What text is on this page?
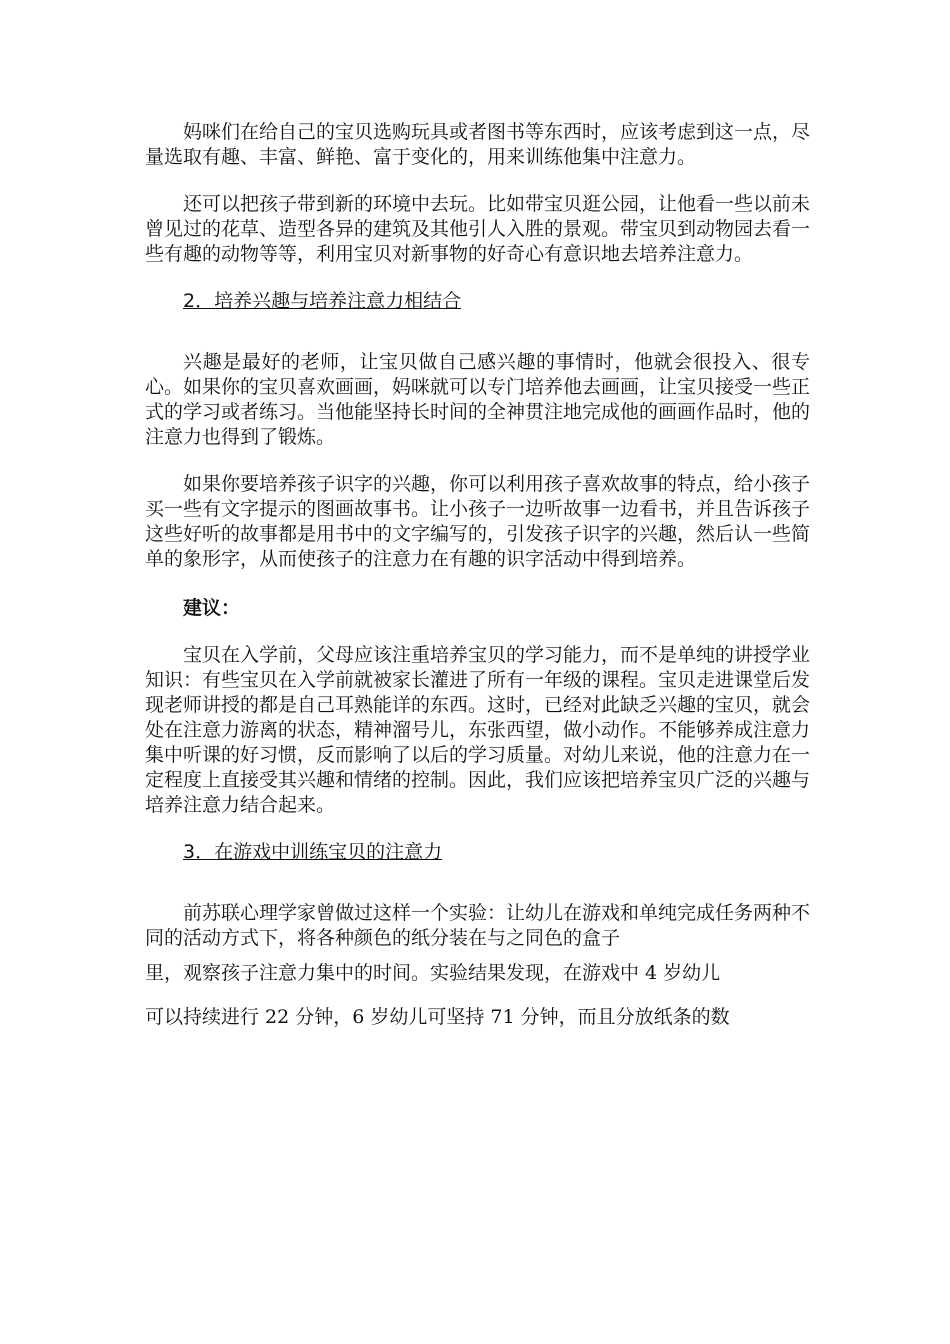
妈咪们在给自己的宝贝选购玩具或者图书等东西时，应该考虑到这一点，尽量选取有趣、丰富、鲜艳、富于变化的，用来训练他集中注意力。

还可以把孩子带到新的环境中去玩。比如带宝贝逛公园，让他看一些以前未曾见过的花草、造型各异的建筑及其他引人入胜的景观。带宝贝到动物园去看一些有趣的动物等等，利用宝贝对新事物的好奇心有意识地去培养注意力。

2．培养兴趣与培养注意力相结合

兴趣是最好的老师，让宝贝做自己感兴趣的事情时，他就会很投入、很专心。如果你的宝贝喜欢画画，妈咪就可以专门培养他去画画，让宝贝接受一些正式的学习或者练习。当他能坚持长时间的全神贯注地完成他的画画作品时，他的注意力也得到了锻炼。

如果你要培养孩子识字的兴趣，你可以利用孩子喜欢故事的特点，给小孩子买一些有文字提示的图画故事书。让小孩子一边听故事一边看书，并且告诉孩子这些好听的故事都是用书中的文字编写的，引发孩子识字的兴趣，然后认一些简单的象形字，从而使孩子的注意力在有趣的识字活动中得到培养。

建议：

宝贝在入学前，父母应该注重培养宝贝的学习能力，而不是单纯的讲授学业知识：有些宝贝在入学前就被家长灌进了所有一年级的课程。宝贝走进课堂后发现老师讲授的都是自己耳熟能详的东西。这时，已经对此缺乏兴趣的宝贝，就会处在注意力游离的状态，精神溜号儿，东张西望，做小动作。不能够养成注意力集中听课的好习惯，反而影响了以后的学习质量。对幼儿来说，他的注意力在一定程度上直接受其兴趣和情绪的控制。因此，我们应该把培养宝贝广泛的兴趣与培养注意力结合起来。

3．在游戏中训练宝贝的注意力

前苏联心理学家曾做过这样一个实验：让幼儿在游戏和单纯完成任务两种不同的活动方式下，将各种颜色的纸分装在与之同色的盒子

里，观察孩子注意力集中的时间。实验结果发现，在游戏中 4 岁幼儿

可以持续进行 22 分钟，6 岁幼儿可坚持 71 分钟，而且分放纸条的数
